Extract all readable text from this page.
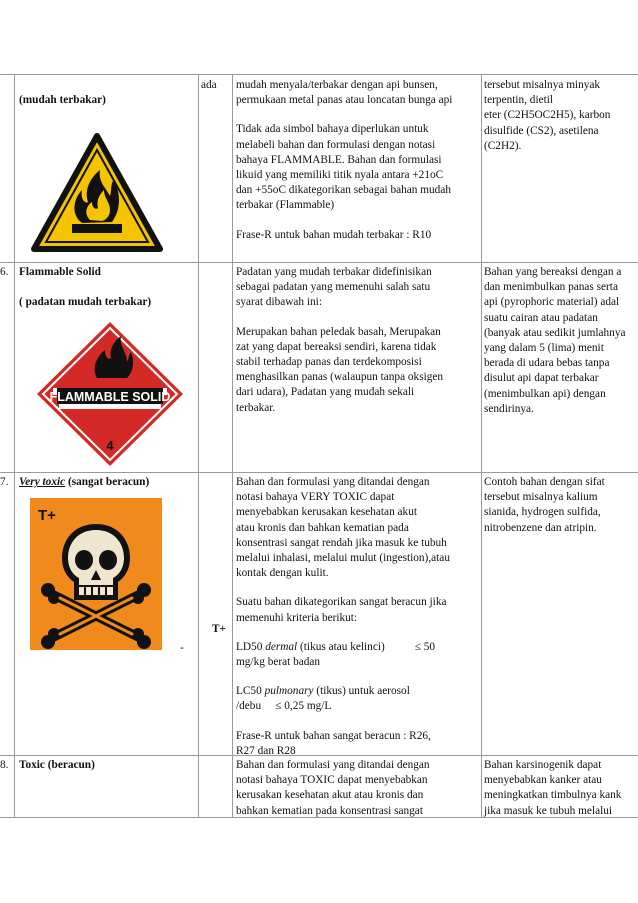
(mudah terbakar)
ada mudah menyala/terbakar dengan api bunsen,
permukaan metal panas atau loncatan bunga api
Tidak ada simbol bahaya diperlukan untuk
melabeli bahan dan formulasi dengan notasi
bahaya FLAMMABLE. Bahan dan formulasi
likuid yang memiliki titik nyala antara +21oC
dan +55oC dikategorikan sebagai bahan mudah
terbakar (Flammable)
Frase-R untuk bahan mudah terbakar : R10
tersebut misalnya minyak
terpentin, dietil
eter (C2H5OC2H5), karbon
disulfide (CS2), asetilena
(C2H2).
6. Flammable Solid
( padatan mudah terbakar)
FLAMMABLE SOLID
4
Padatan yang mudah terbakar didefinisikan
sebagai padatan yang memenuhi salah satu
syarat dibawah ini:
Merupakan bahan peledak basah, Merupakan
zat yang dapat bereaksi sendiri, karena tidak
stabil terhadap panas dan terdekomposisi
menghasilkan panas (walaupun tanpa oksigen
dari udara), Padatan yang mudah sekali
terbakar.
Bahan yang bereaksi dengan a
dan menimbulkan panas serta
api (pyrophoric material) adal
suatu cairan atau padatan
(banyak atau sedikit jumlahnya
yang dalam 5 (lima) menit
berada di udara bebas tanpa
disulut api dapat terbakar
(menimbulkan api) dengan
sendirinya.
7. Very toxic (sangat beracun)
T+
-
T+
Bahan dan formulasi yang ditandai dengan
notasi bahaya VERY TOXIC dapat
menyebabkan kerusakan kesehatan akut
atau kronis dan bahkan kematian pada
konsentrasi sangat rendah jika masuk ke tubuh
melalui inhalasi, melalui mulut (ingestion),atau
kontak dengan kulit.
Suatu bahan dikategorikan sangat beracun jika
memenuhi kriteria berikut:
LD50 dermal (tikus atau kelinci)	≤ 50
mg/kg berat badan
LC50 pulmonary (tikus) untuk aerosol
/debu     ≤ 0,25 mg/L
Frase-R untuk bahan sangat beracun : R26,
R27 dan R28
Contoh bahan dengan sifat
tersebut misalnya kalium
sianida, hydrogen sulfida,
nitrobenzene dan atripin.
8. Toxic (beracun)	Bahan dan formulasi yang ditandai dengan
notasi bahaya TOXIC dapat menyebabkan
kerusakan kesehatan akut atau kronis dan
bahkan kematian pada konsentrasi sangat
Bahan karsinogenik dapat
menyebabkan kanker atau
meningkatkan timbulnya kank
jika masuk ke tubuh melalui
